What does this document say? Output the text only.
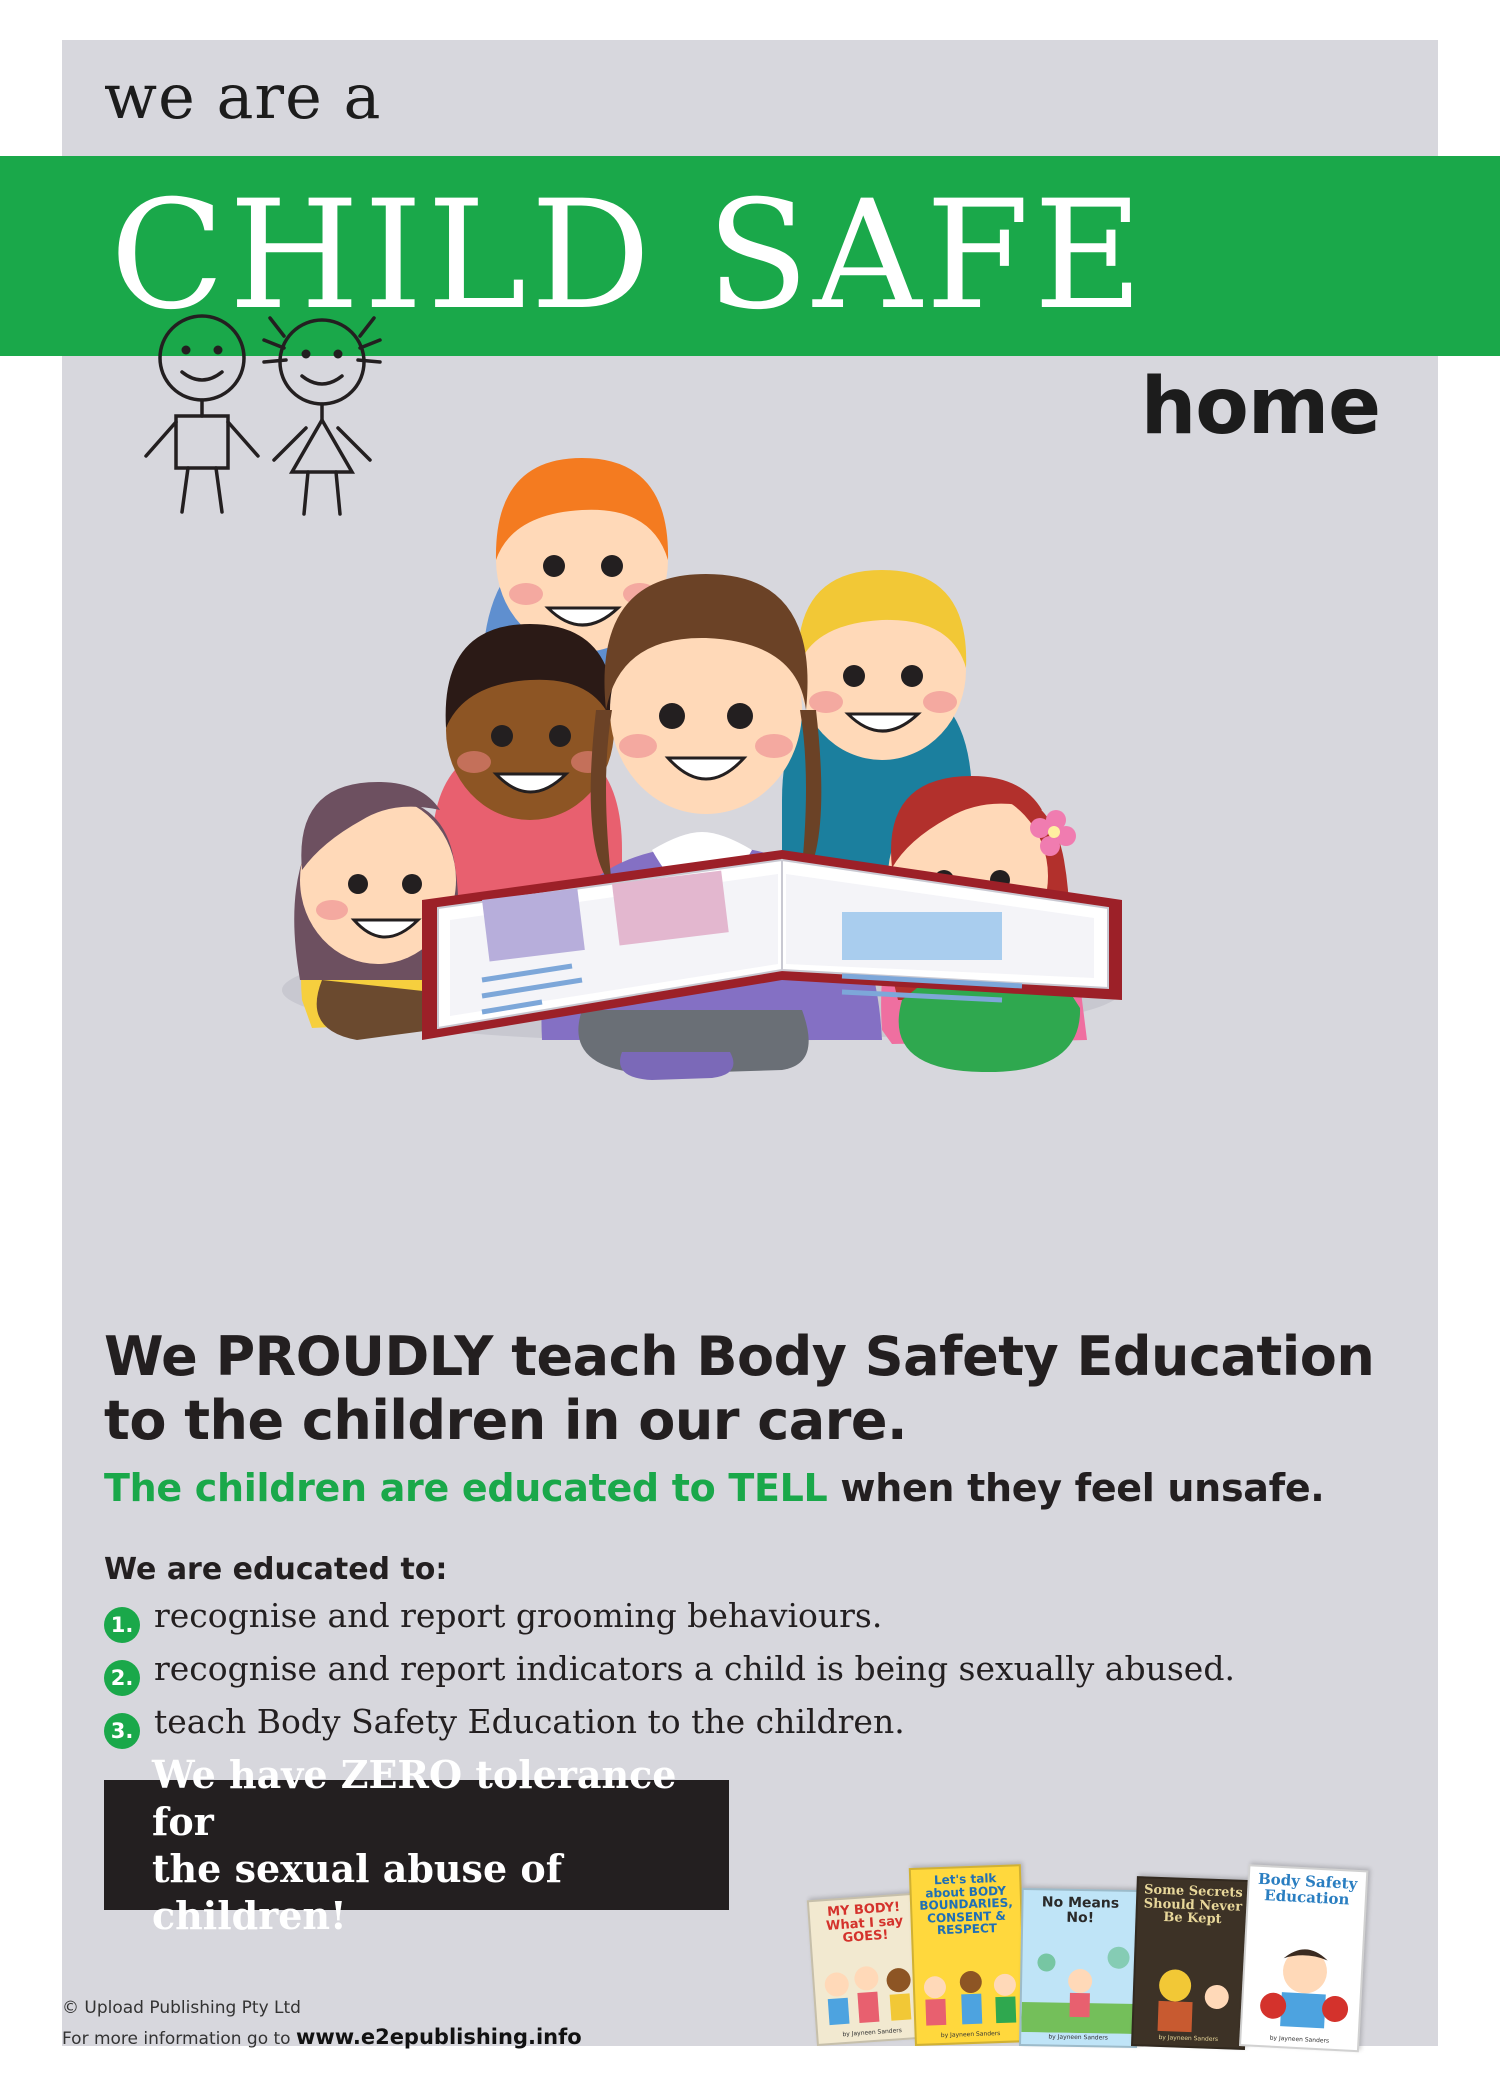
we are a
CHILD SAFE
home
We PROUDLY teach Body Safety Education
to the children in our care.
The children are educated to TELL when they feel unsafe.
We are educated to:
1. recognise and report grooming behaviours.
2. recognise and report indicators a child is being sexually abused.
3. teach Body Safety Education to the children.
We have ZERO tolerance for
the sexual abuse of children!	MY BODY! What I say GOES!
by Jayneen Sanders
Let's talk about BODY BOUNDARIES, CONSENT & RESPECT
by Jayneen Sanders
No Means No!
by Jayneen Sanders
Some Secrets Should Never Be Kept
by Jayneen Sanders
Body Safety Education
by Jayneen Sanders
© Upload Publishing Pty Ltd
For more information go to www.e2epublishing.info
